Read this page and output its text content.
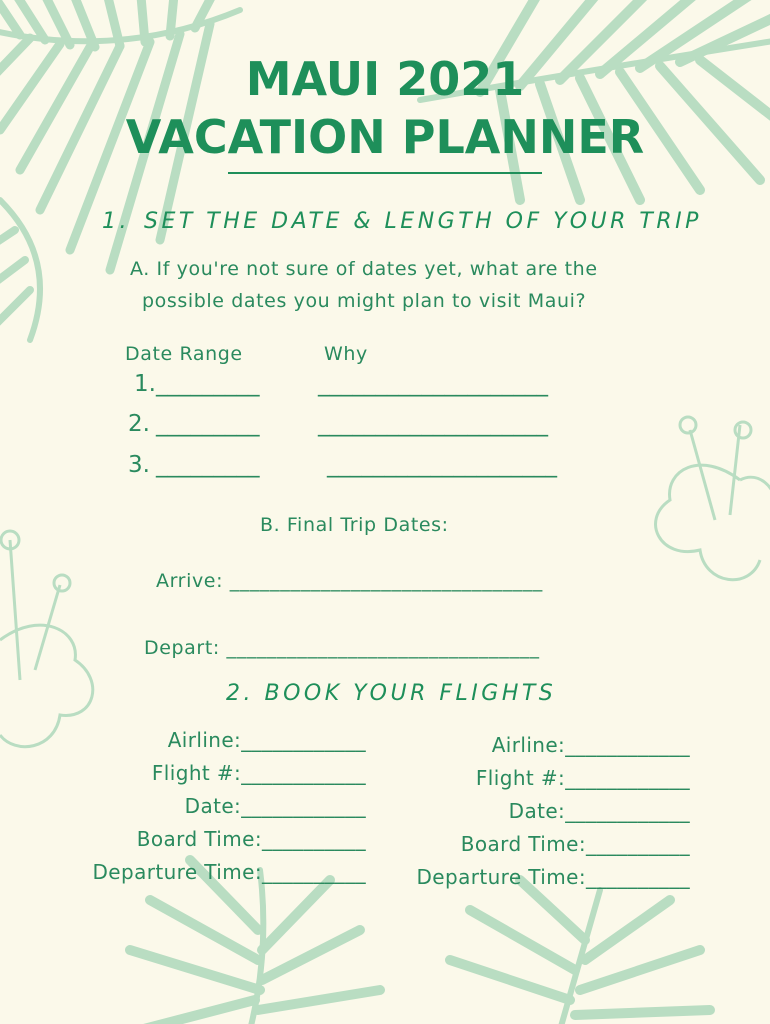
MAUI 2021
VACATION PLANNER
1. SET THE DATE & LENGTH OF YOUR TRIP
A. If you're not sure of dates yet, what are the
possible dates you might plan to visit Maui?
Date Range	Why
1. _________	____________________
2. _________	____________________
3. _________	____________________
B. Final Trip Dates:
Arrive: _______________________________
Depart: _______________________________
2. BOOK YOUR FLIGHTS
Airline:____________
Flight #:____________
Date:____________
Board Time:__________
Departure Time:__________
Airline:____________
Flight #:____________
Date:____________
Board Time:__________
Departure Time:__________
